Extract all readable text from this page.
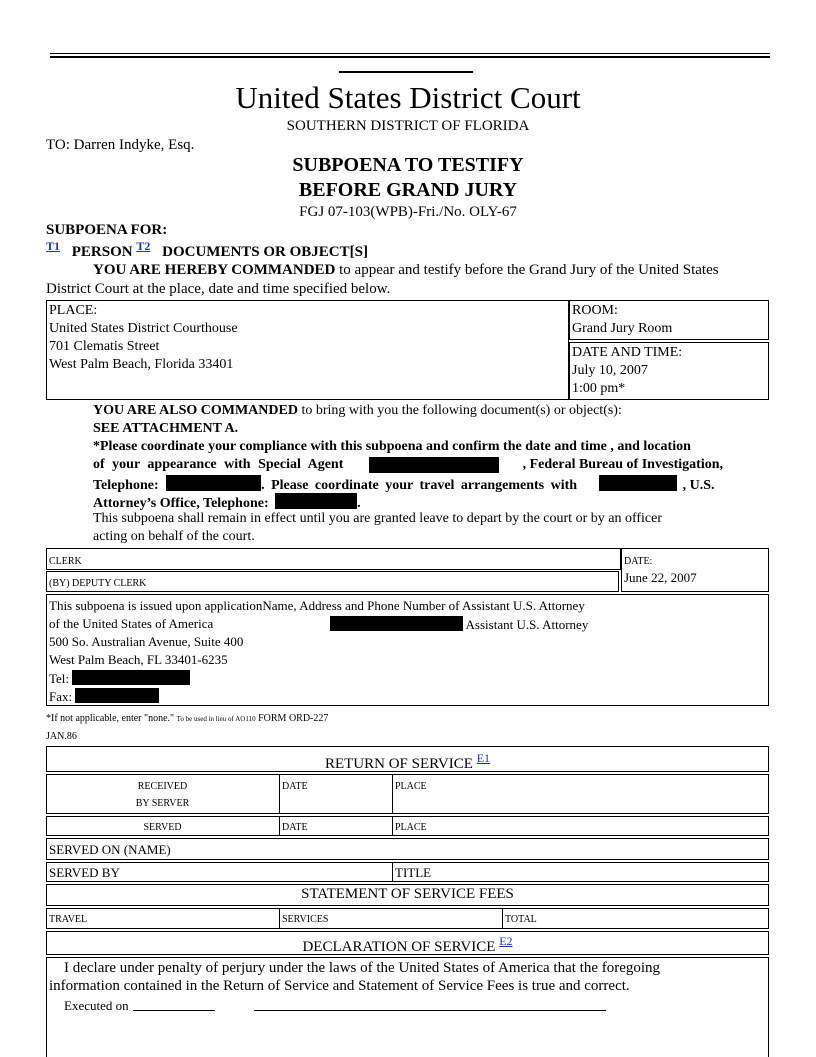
United States District Court
SOUTHERN DISTRICT OF FLORIDA
TO: Darren Indyke, Esq.
SUBPOENA TO TESTIFY
BEFORE GRAND JURY
FGJ 07-103(WPB)-Fri./No. OLY-67
SUBPOENA FOR:
$^{T1}$ PERSON $^{T2}$ DOCUMENTS OR OBJECT[S]
YOU ARE HEREBY COMMANDED to appear and testify before the Grand Jury of the United States
District Court at the place, date and time specified below.
PLACE:
United States District Courthouse
701 Clematis Street
West Palm Beach, Florida 33401
ROOM:
Grand Jury Room
DATE AND TIME:
July 10, 2007
1:00 pm*
YOU ARE ALSO COMMANDED to bring with you the following document(s) or object(s):
SEE ATTACHMENT A.
*Please coordinate your compliance with this subpoena and confirm the date and time , and location
of your appearance with Special Agent	, Federal Bureau of Investigation,
Telephone:	. Please coordinate your travel arrangements with	, U.S.
Attorney’s Office, Telephone:	.
This subpoena shall remain in effect until you are granted leave to depart by the court or by an officer
acting on behalf of the court.
CLERK
(BY) DEPUTY CLERK
DATE:
June 22, 2007
This subpoena is issued upon applicationName, Address and Phone Number of Assistant U.S. Attorney
of the United States of America	Assistant U.S. Attorney
500 So. Australian Avenue, Suite 400
West Palm Beach, FL 33401-6235
Tel:
Fax:
*If not applicable, enter "none." To be used in lieu of AO110 FORM ORD-227
JAN.86
RETURN OF SERVICE $^{E1}$
RECEIVED
BY SERVER
DATE	PLACE
SERVED	DATE	PLACE
SERVED ON (NAME)
SERVED BY	TITLE
STATEMENT OF SERVICE FEES
TRAVEL	SERVICES	TOTAL
DECLARATION OF SERVICE $^{E2}$
I declare under penalty of perjury under the laws of the United States of America that the foregoing
information contained in the Return of Service and Statement of Service Fees is true and correct.
Executed on
